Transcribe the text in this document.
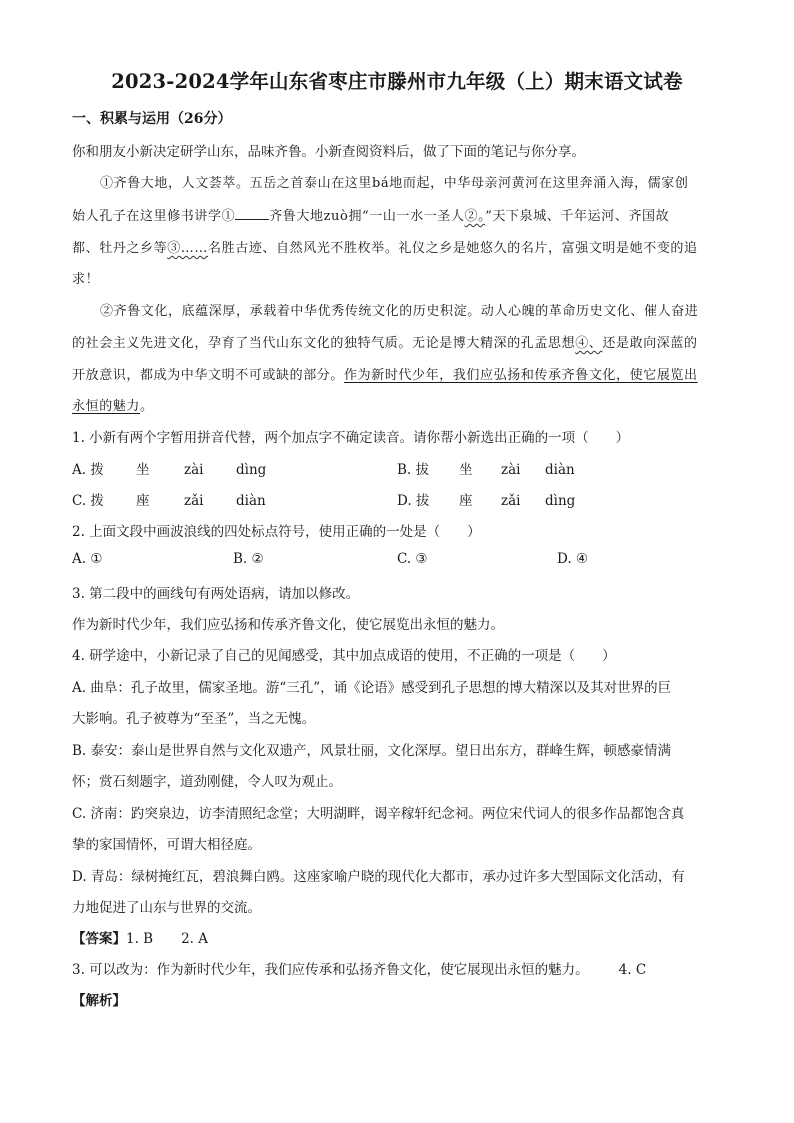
2023-2024学年山东省枣庄市滕州市九年级（上）期末语文试卷
一、积累与运用（26分）
你和朋友小新决定研学山东，品味齐鲁。小新查阅资料后，做了下面的笔记与你分享。
①齐鲁大地，人文荟萃。五岳之首泰山在这里bá地而起，中华母亲河黄河在这里奔涌入海，儒家创
始人孔子在这里修书讲学①	齐鲁大地zuò拥“一山一水一圣人②。”天下泉城、千年运河、齐国故
都、牡丹之乡等③……名胜古迹、自然风光不胜枚举。礼仪之乡是她悠久的名片，富强文明是她不变的追
求！
②齐鲁文化，底蕴深厚，承载着中华优秀传统文化的历史积淀。动人心魄的革命历史文化、催人奋进
的社会主义先进文化，孕育了当代山东文化的独特气质。无论是博大精深的孔孟思想④、还是敢向深蓝的
开放意识，都成为中华文明不可或缺的部分。作为新时代少年，我们应弘扬和传承齐鲁文化，使它展览出
永恒的魅力。
1. 小新有两个字暂用拼音代替，两个加点字不确定读音。请你帮小新选出正确的一项（　　）
A. 拨 坐	zài dìng	B. 拔 坐 zài diàn
C. 拨 座	zǎi diàn	D. 拔 座 zǎi dìng
2. 上面文段中画波浪线的四处标点符号，使用正确的一处是（　　）
A. ①	B. ②	C. ③	D. ④
3. 第二段中的画线句有两处语病，请加以修改。
作为新时代少年，我们应弘扬和传承齐鲁文化，使它展览出永恒的魅力。
4. 研学途中，小新记录了自己的见闻感受，其中加点成语的使用，不正确的一项是（　　）
A. 曲阜：孔子故里，儒家圣地。游“三孔”，诵《论语》感受到孔子思想的博大精深以及其对世界的巨
大影响。孔子被尊为“至圣”，当之无愧。
B. 泰安：泰山是世界自然与文化双遗产，风景壮丽，文化深厚。望日出东方，群峰生辉，顿感豪情满
怀；赏石刻题字，道劲刚健，令人叹为观止。
C. 济南：趵突泉边，访李清照纪念堂；大明湖畔，谒辛稼轩纪念祠。两位宋代词人的很多作品都饱含真
挚的家国情怀，可谓大相径庭。
D. 青岛：绿树掩红瓦，碧浪舞白鸥。这座家喻户晓的现代化大都市，承办过许多大型国际文化活动，有
力地促进了山东与世界的交流。
【答案】1. B 2. A
3. 可以改为：作为新时代少年，我们应传承和弘扬齐鲁文化，使它展现出永恒的魅力。 4. C
【解析】
